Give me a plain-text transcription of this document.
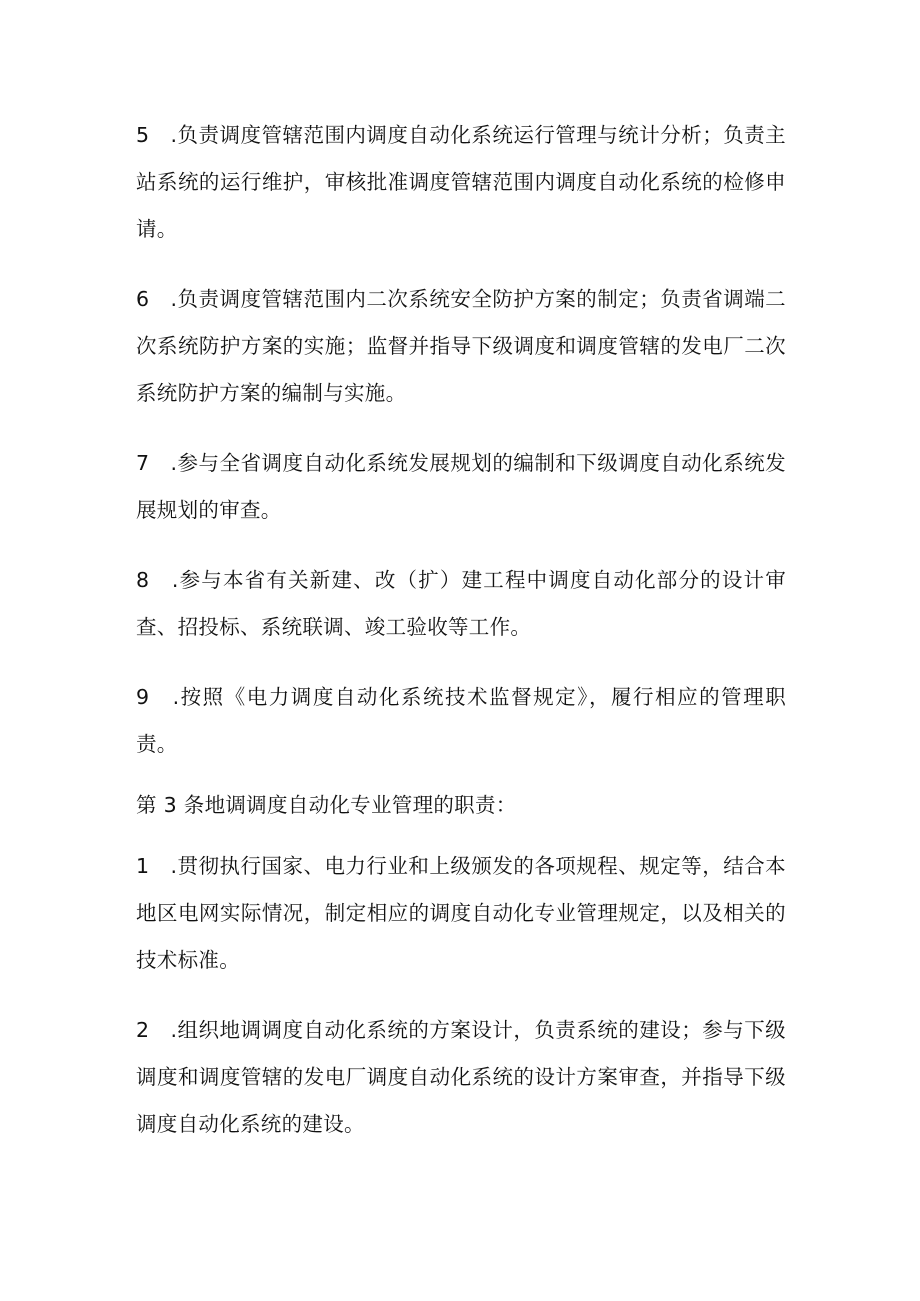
5　.负责调度管辖范围内调度自动化系统运行管理与统计分析；负责主站系统的运行维护，审核批准调度管辖范围内调度自动化系统的检修申请。

6　.负责调度管辖范围内二次系统安全防护方案的制定；负责省调端二次系统防护方案的实施；监督并指导下级调度和调度管辖的发电厂二次系统防护方案的编制与实施。

7　.参与全省调度自动化系统发展规划的编制和下级调度自动化系统发展规划的审查。

8　.参与本省有关新建、改（扩）建工程中调度自动化部分的设计审查、招投标、系统联调、竣工验收等工作。

9　.按照《电力调度自动化系统技术监督规定》，履行相应的管理职责。

第 3 条地调调度自动化专业管理的职责：

1　.贯彻执行国家、电力行业和上级颁发的各项规程、规定等，结合本地区电网实际情况，制定相应的调度自动化专业管理规定，以及相关的技术标准。

2　.组织地调调度自动化系统的方案设计，负责系统的建设；参与下级调度和调度管辖的发电厂调度自动化系统的设计方案审查，并指导下级调度自动化系统的建设。
